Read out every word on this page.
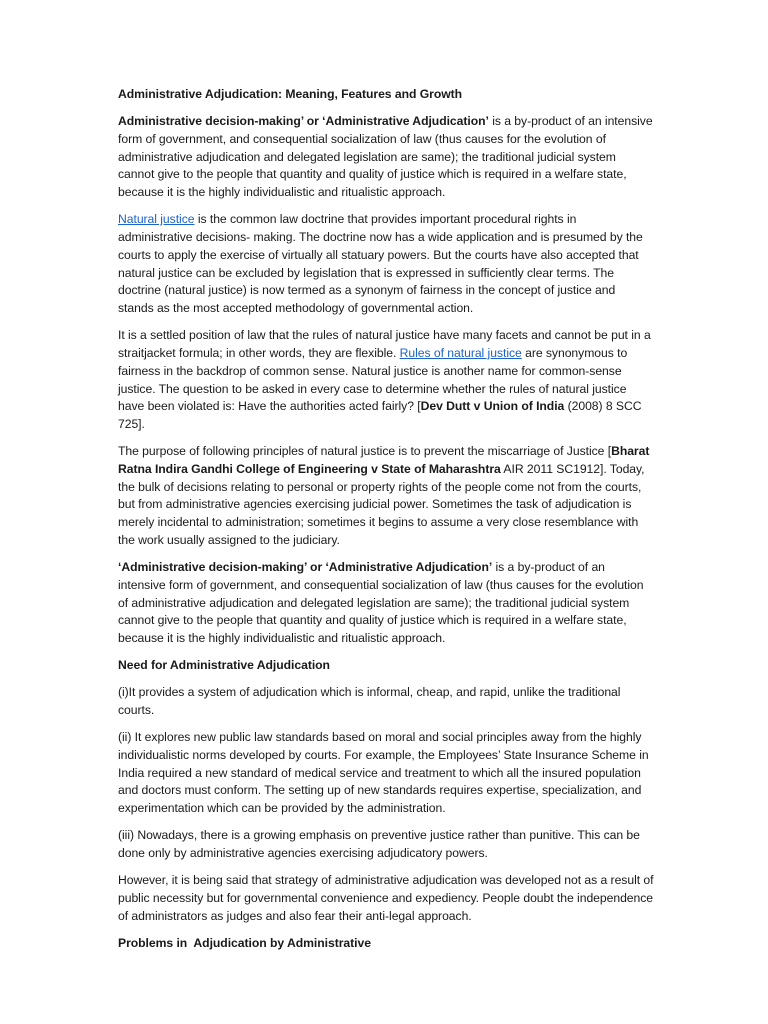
Administrative Adjudication: Meaning, Features and Growth

Administrative decision-making’ or ‘Administrative Adjudication’ is a by-product of an intensive form of government, and consequential socialization of law (thus causes for the evolution of administrative adjudication and delegated legislation are same); the traditional judicial system cannot give to the people that quantity and quality of justice which is required in a welfare state, because it is the highly individualistic and ritualistic approach.

Natural justice is the common law doctrine that provides important procedural rights in administrative decisions- making. The doctrine now has a wide application and is presumed by the courts to apply the exercise of virtually all statuary powers. But the courts have also accepted that natural justice can be excluded by legislation that is expressed in sufficiently clear terms. The doctrine (natural justice) is now termed as a synonym of fairness in the concept of justice and stands as the most accepted methodology of governmental action.

It is a settled position of law that the rules of natural justice have many facets and cannot be put in a straitjacket formula; in other words, they are flexible. Rules of natural justice are synonymous to fairness in the backdrop of common sense. Natural justice is another name for common-sense justice. The question to be asked in every case to determine whether the rules of natural justice have been violated is: Have the authorities acted fairly? [Dev Dutt v Union of India (2008) 8 SCC 725].

The purpose of following principles of natural justice is to prevent the miscarriage of Justice [Bharat Ratna Indira Gandhi College of Engineering v State of Maharashtra AIR 2011 SC1912]. Today, the bulk of decisions relating to personal or property rights of the people come not from the courts, but from administrative agencies exercising judicial power. Sometimes the task of adjudication is merely incidental to administration; sometimes it begins to assume a very close resemblance with the work usually assigned to the judiciary.

‘Administrative decision-making’ or ‘Administrative Adjudication’ is a by-product of an intensive form of government, and consequential socialization of law (thus causes for the evolution of administrative adjudication and delegated legislation are same); the traditional judicial system cannot give to the people that quantity and quality of justice which is required in a welfare state, because it is the highly individualistic and ritualistic approach.

Need for Administrative Adjudication

(i)It provides a system of adjudication which is informal, cheap, and rapid, unlike the traditional courts.

(ii) It explores new public law standards based on moral and social principles away from the highly individualistic norms developed by courts. For example, the Employees’ State Insurance Scheme in India required a new standard of medical service and treatment to which all the insured population and doctors must conform. The setting up of new standards requires expertise, specialization, and experimentation which can be provided by the administration.

(iii) Nowadays, there is a growing emphasis on preventive justice rather than punitive. This can be done only by administrative agencies exercising adjudicatory powers.

However, it is being said that strategy of administrative adjudication was developed not as a result of public necessity but for governmental convenience and expediency. People doubt the independence of administrators as judges and also fear their anti-legal approach.

Problems in  Adjudication by Administrative
